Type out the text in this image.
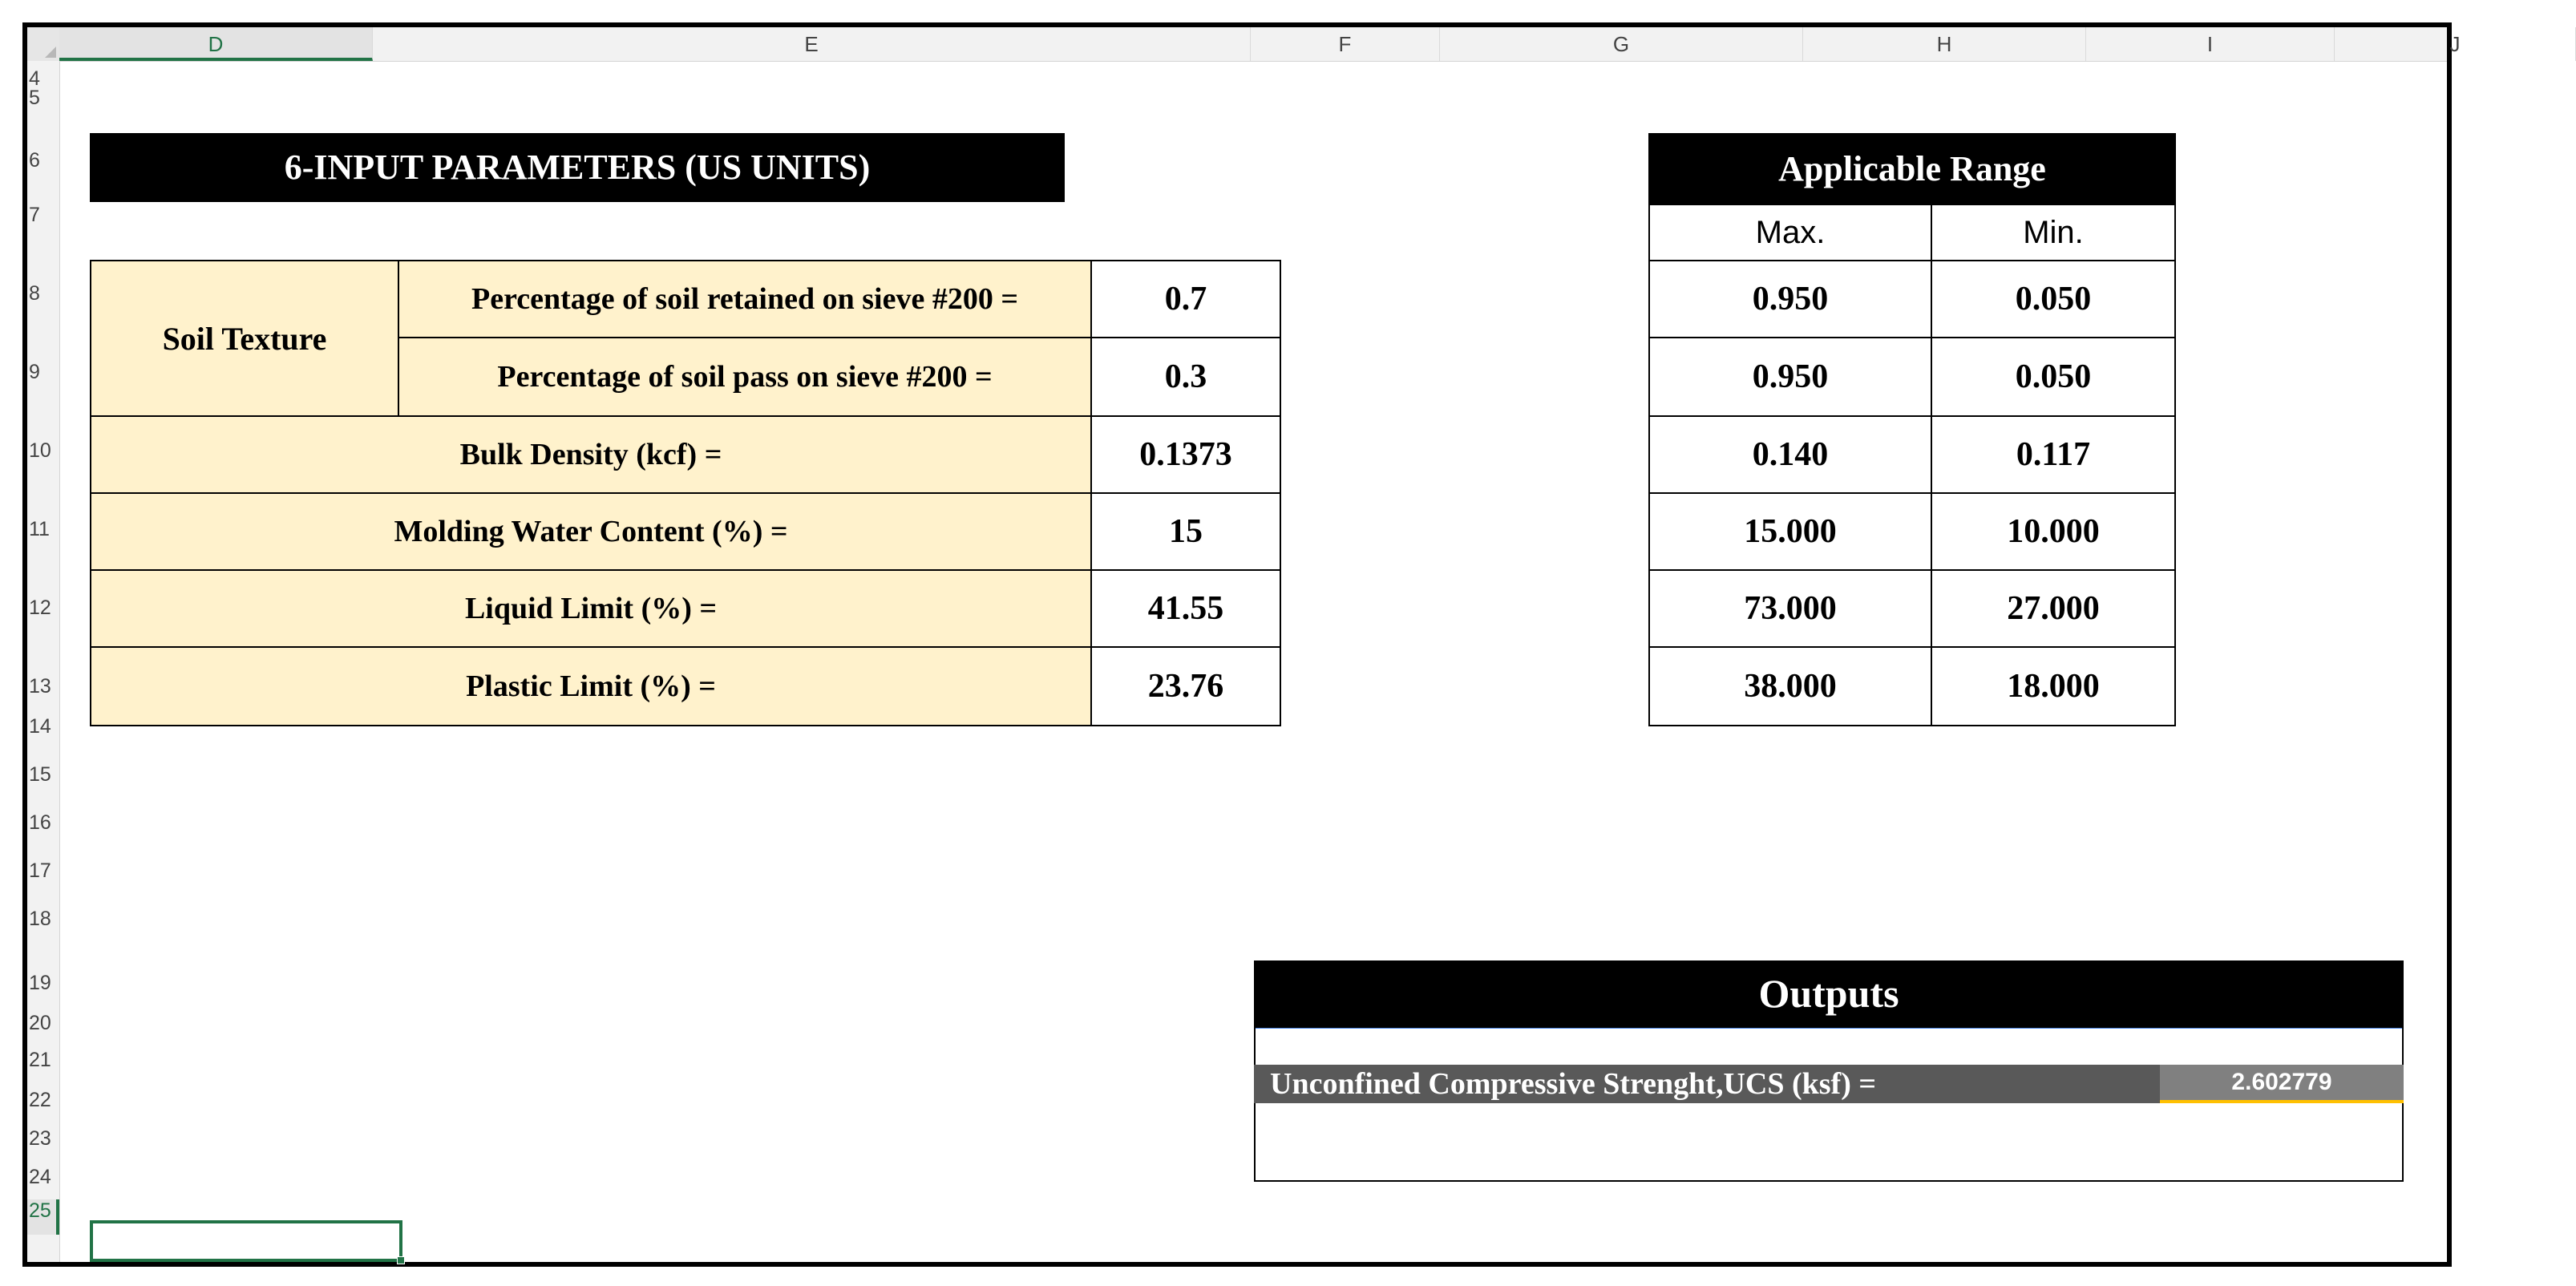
D	E	F	G	H	I	J
4
5
6
7
8
9
10
11
12
13
14
15
16
17
18
19
20
21
22
23
24
25
6-INPUT PARAMETERS (US UNITS)
Soil Texture
Percentage of soil retained on sieve #200 =	0.7
Percentage of soil pass on sieve #200 =	0.3
Bulk Density (kcf) =	0.1373
Molding Water Content (%) =	15
Liquid Limit (%) =	41.55
Plastic Limit (%) =	23.76
Applicable Range
Max.	Min.
0.950	0.050
0.950	0.050
0.140	0.117
15.000	10.000
73.000	27.000
38.000	18.000
Outputs
Unconfined Compressive Strenght,UCS (ksf) =	2.602779
